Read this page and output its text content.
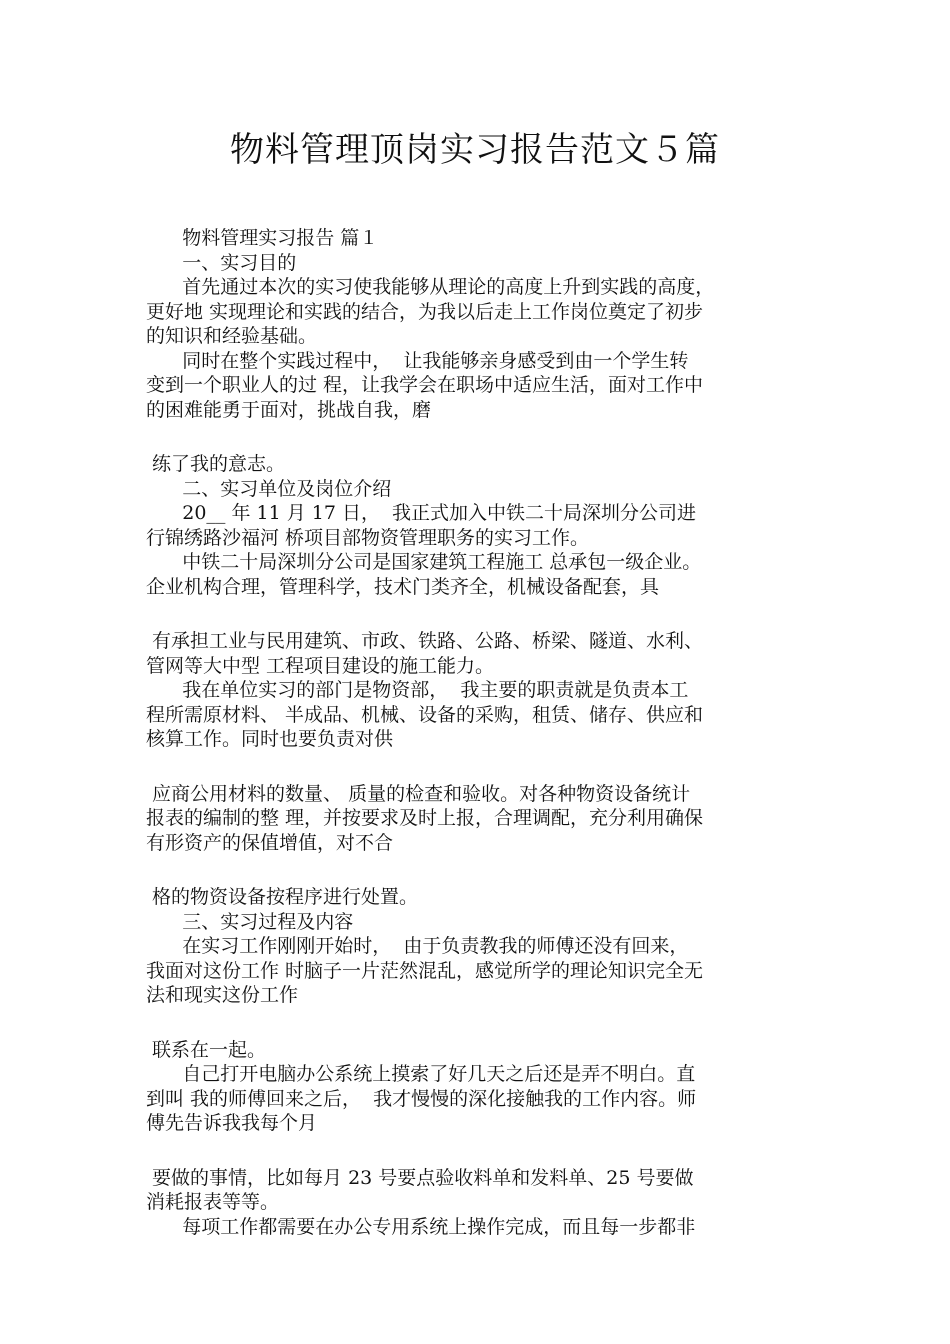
物料管理顶岗实习报告范文５篇
物料管理实习报告 篇１
一、实习目的
首先通过本次的实习使我能够从理论的高度上升到实践的高度，
更好地 实现理论和实践的结合，为我以后走上工作岗位奠定了初步
的知识和经验基础。
同时在整个实践过程中，  让我能够亲身感受到由一个学生转
变到一个职业人的过 程，让我学会在职场中适应生活，面对工作中
的困难能勇于面对，挑战自我，磨
练了我的意志。
二、实习单位及岗位介绍
20__ 年 11 月 17 日，  我正式加入中铁二十局深圳分公司进
行锦绣路沙福河 桥项目部物资管理职务的实习工作。
中铁二十局深圳分公司是国家建筑工程施工 总承包一级企业。
企业机构合理，管理科学，技术门类齐全，机械设备配套，具
有承担工业与民用建筑、市政、铁路、公路、桥梁、隧道、水利、
管网等大中型 工程项目建设的施工能力。
我在单位实习的部门是物资部，  我主要的职责就是负责本工
程所需原材料、 半成品、机械、设备的采购，租赁、储存、供应和
核算工作。同时也要负责对供
应商公用材料的数量、 质量的检查和验收。对各种物资设备统计
报表的编制的整 理，并按要求及时上报，合理调配，充分利用确保
有形资产的保值增值，对不合
格的物资设备按程序进行处置。
三、实习过程及内容
在实习工作刚刚开始时，  由于负责教我的师傅还没有回来，
我面对这份工作 时脑子一片茫然混乱，感觉所学的理论知识完全无
法和现实这份工作
联系在一起。
自己打开电脑办公系统上摸索了好几天之后还是弄不明白。直
到叫 我的师傅回来之后，  我才慢慢的深化接触我的工作内容。师
傅先告诉我我每个月
要做的事情，比如每月 23 号要点验收料单和发料单、25 号要做
消耗报表等等。
每项工作都需要在办公专用系统上操作完成，而且每一步都非
